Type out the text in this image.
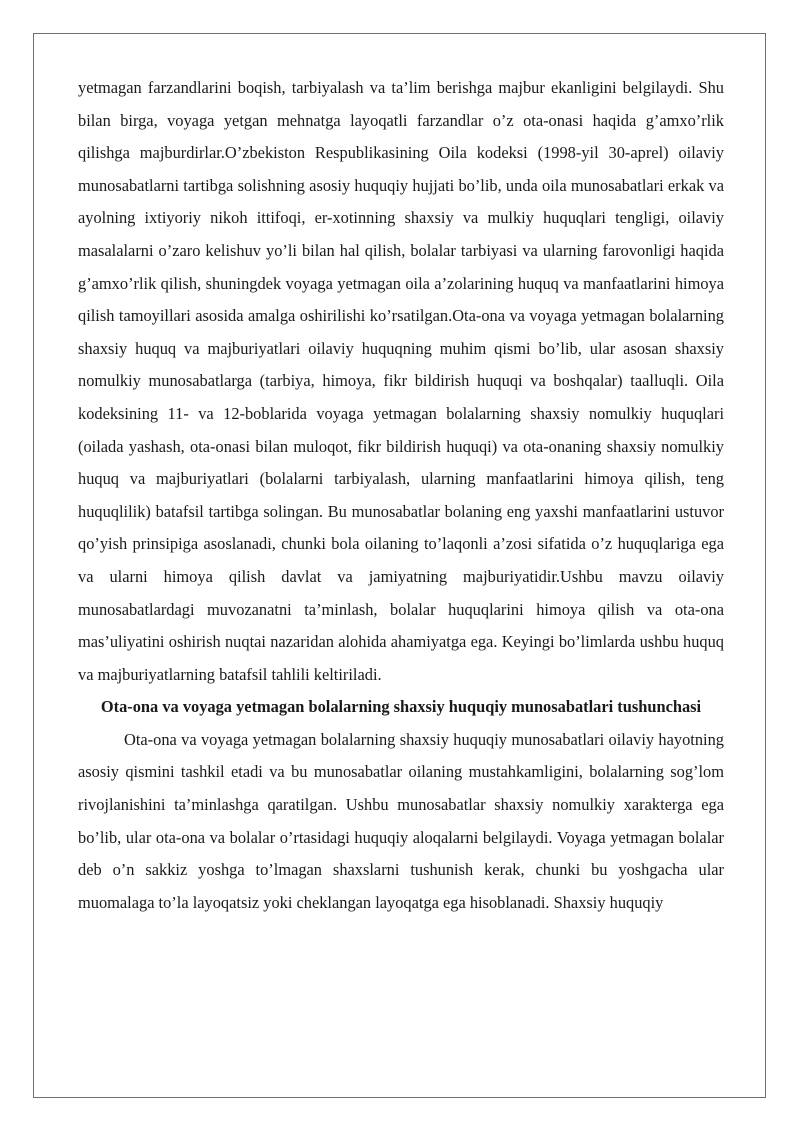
yetmagan farzandlarini boqish, tarbiyalash va ta’lim berishga majbur ekanligini belgilaydi. Shu bilan birga, voyaga yetgan mehnatga layoqatli farzandlar o’z ota-onasi haqida g’amxo’rlik qilishga majburdirlar.O’zbekiston Respublikasining Oila kodeksi (1998-yil 30-aprel) oilaviy munosabatlarni tartibga solishning asosiy huquqiy hujjati bo’lib, unda oila munosabatlari erkak va ayolning ixtiyoriy nikoh ittifoqi, er-xotinning shaxsiy va mulkiy huquqlari tengligi, oilaviy masalalarni o’zaro kelishuv yo’li bilan hal qilish, bolalar tarbiyasi va ularning farovonligi haqida g’amxo’rlik qilish, shuningdek voyaga yetmagan oila a’zolarining huquq va manfaatlarini himoya qilish tamoyillari asosida amalga oshirilishi ko’rsatilgan.Ota-ona va voyaga yetmagan bolalarning shaxsiy huquq va majburiyatlari oilaviy huquqning muhim qismi bo’lib, ular asosan shaxsiy nomulkiy munosabatlarga (tarbiya, himoya, fikr bildirish huquqi va boshqalar) taalluqli. Oila kodeksining 11- va 12-boblarida voyaga yetmagan bolalarning shaxsiy nomulkiy huquqlari (oilada yashash, ota-onasi bilan muloqot, fikr bildirish huquqi) va ota-onaning shaxsiy nomulkiy huquq va majburiyatlari (bolalarni tarbiyalash, ularning manfaatlarini himoya qilish, teng huquqlilik) batafsil tartibga solingan. Bu munosabatlar bolaning eng yaxshi manfaatlarini ustuvor qo’yish prinsipiga asoslanadi, chunki bola oilaning to’laqonli a’zosi sifatida o’z huquqlariga ega va ularni himoya qilish davlat va jamiyatning majburiyatidir.Ushbu mavzu oilaviy munosabatlardagi muvozanatni ta’minlash, bolalar huquqlarini himoya qilish va ota-ona mas’uliyatini oshirish nuqtai nazaridan alohida ahamiyatga ega. Keyingi bo’limlarda ushbu huquq va majburiyatlarning batafsil tahlili keltiriladi.

Ota-ona va voyaga yetmagan bolalarning shaxsiy huquqiy munosabatlari tushunchasi

Ota-ona va voyaga yetmagan bolalarning shaxsiy huquqiy munosabatlari oilaviy hayotning asosiy qismini tashkil etadi va bu munosabatlar oilaning mustahkamligini, bolalarning sog’lom rivojlanishini ta’minlashga qaratilgan. Ushbu munosabatlar shaxsiy nomulkiy xarakterga ega bo’lib, ular ota-ona va bolalar o’rtasidagi huquqiy aloqalarni belgilaydi. Voyaga yetmagan bolalar deb o’n sakkiz yoshga to’lmagan shaxslarni tushunish kerak, chunki bu yoshgacha ular muomalaga to’la layoqatsiz yoki cheklangan layoqatga ega hisoblanadi. Shaxsiy huquqiy
